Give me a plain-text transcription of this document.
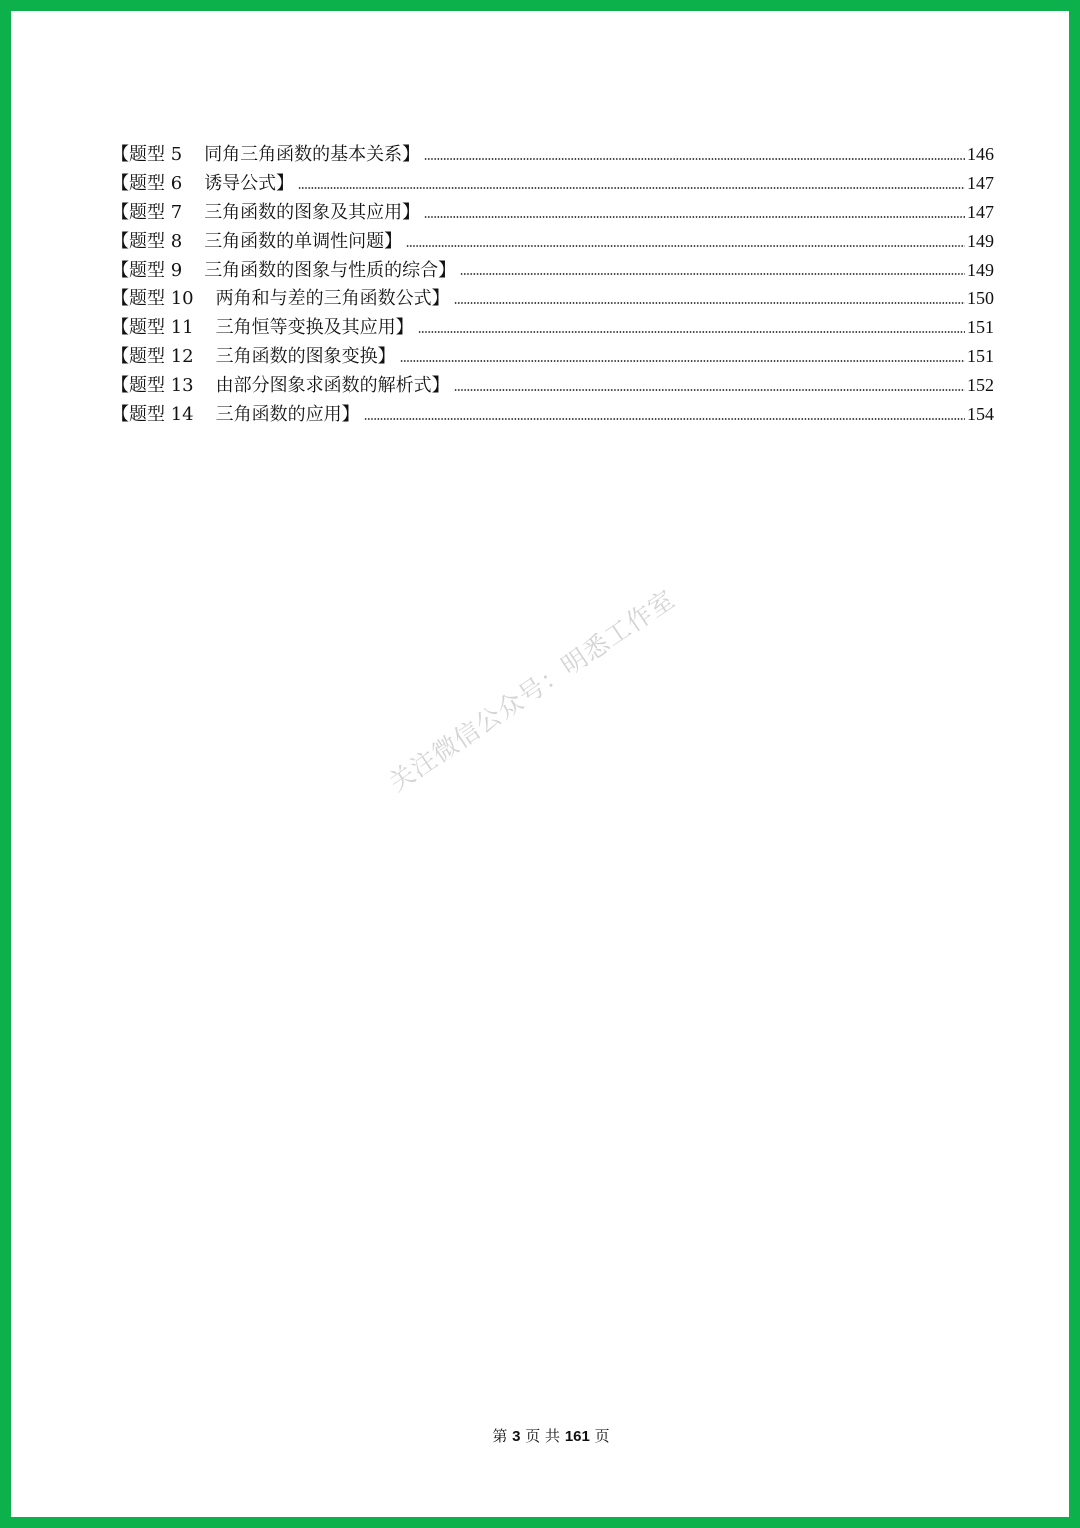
【题型 5 同角三角函数的基本关系】	146
【题型 6 诱导公式】	147
【题型 7 三角函数的图象及其应用】	147
【题型 8 三角函数的单调性问题】	149
【题型 9 三角函数的图象与性质的综合】	149
【题型 10 两角和与差的三角函数公式】	150
【题型 11 三角恒等变换及其应用】	151
【题型 12 三角函数的图象变换】	151
【题型 13 由部分图象求函数的解析式】	152
【题型 14 三角函数的应用】	154
关注微信公众号：明悉工作室
第 3 页 共 161 页
